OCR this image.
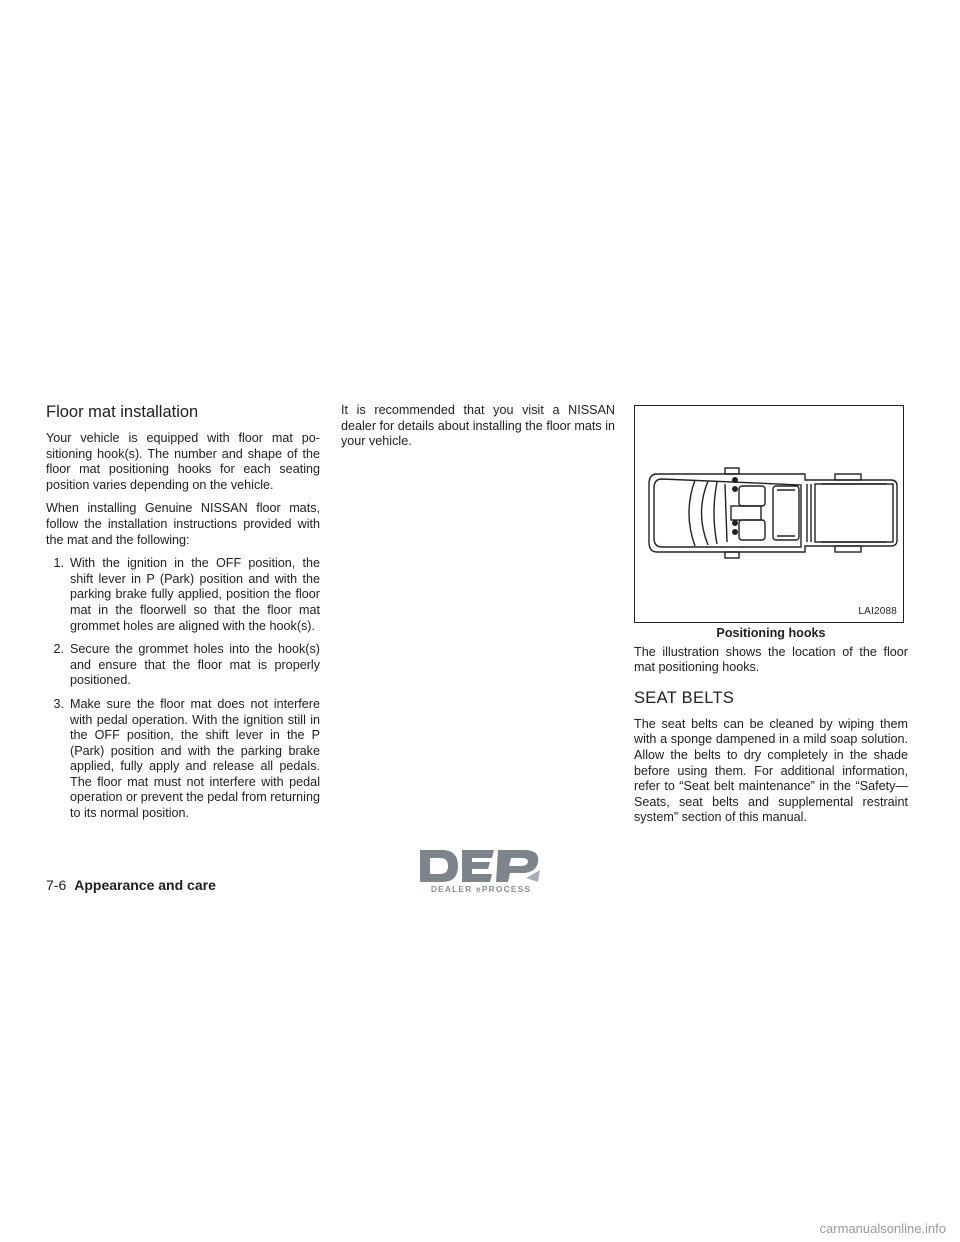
Floor mat installation

Your vehicle is equipped with floor mat positioning hook(s). The number and shape of the floor mat positioning hooks for each seating position varies depending on the vehicle.

When installing Genuine NISSAN floor mats, follow the installation instructions provided with the mat and the following:

1. With the ignition in the OFF position, the shift lever in P (Park) position and with the parking brake fully applied, position the floor mat in the floorwell so that the floor mat grommet holes are aligned with the hook(s).
2. Secure the grommet holes into the hook(s) and ensure that the floor mat is properly positioned.
3. Make sure the floor mat does not interfere with pedal operation. With the ignition still in the OFF position, the shift lever in the P (Park) position and with the parking brake applied, fully apply and release all pedals. The floor mat must not interfere with pedal operation or prevent the pedal from returning to its normal position.

It is recommended that you visit a NISSAN dealer for details about installing the floor mats in your vehicle.

LAI2088
Positioning hooks

The illustration shows the location of the floor mat positioning hooks.

SEAT BELTS

The seat belts can be cleaned by wiping them with a sponge dampened in a mild soap solution. Allow the belts to dry completely in the shade before using them. For additional information, refer to “Seat belt maintenance” in the “Safety—Seats, seat belts and supplemental restraint system” section of this manual.

7-6 Appearance and care	DEALER ePROCESS
carmanualsonline.info
